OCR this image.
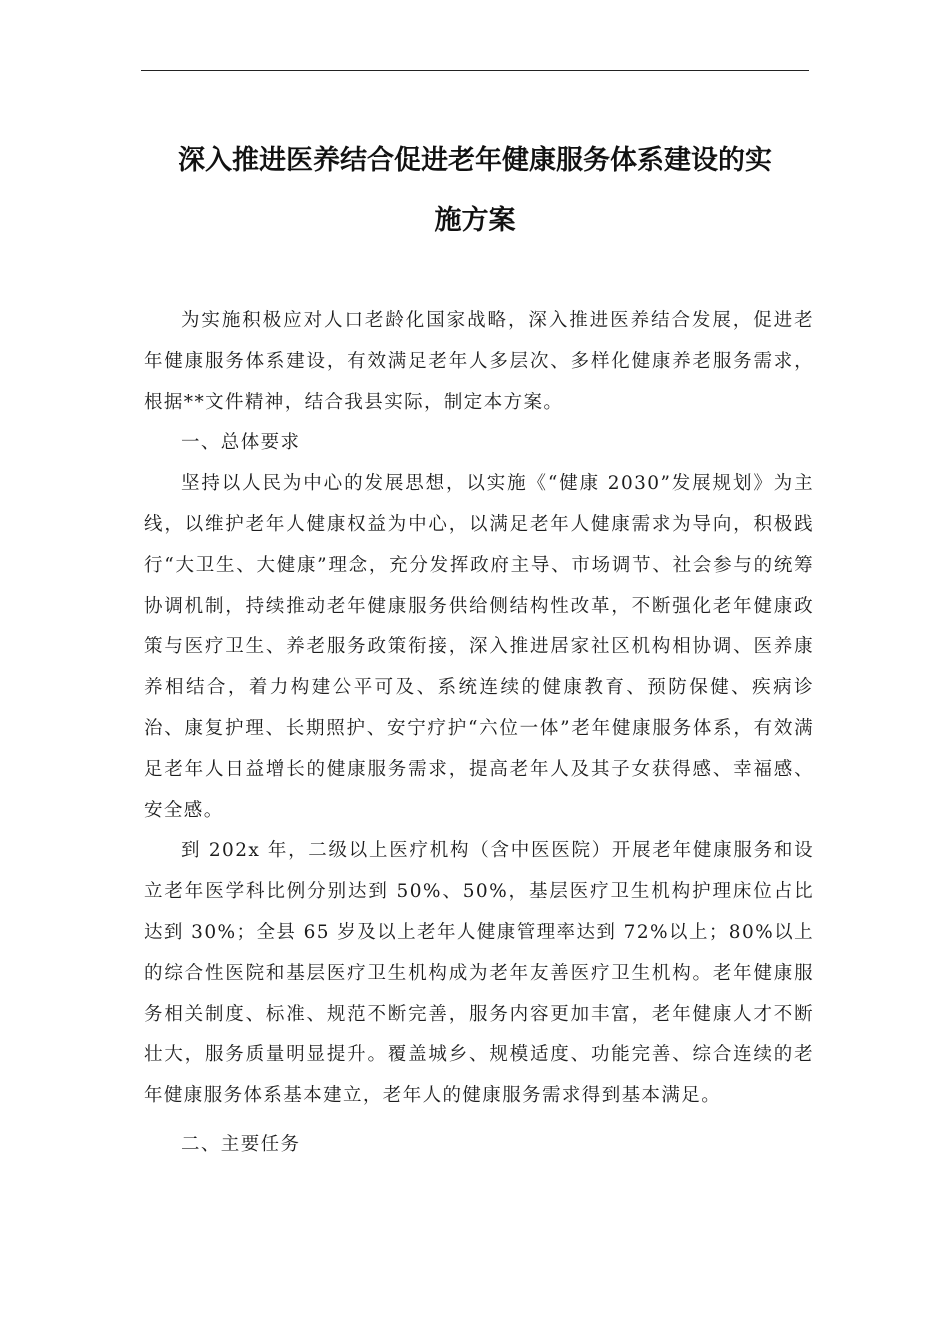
深入推进医养结合促进老年健康服务体系建设的实
施方案

为实施积极应对人口老龄化国家战略，深入推进医养结合发展，促进老年健康服务体系建设，有效满足老年人多层次、多样化健康养老服务需求，根据**文件精神，结合我县实际，制定本方案。

一、总体要求

坚持以人民为中心的发展思想，以实施《“健康 2030”发展规划》为主线，以维护老年人健康权益为中心，以满足老年人健康需求为导向，积极践行“大卫生、大健康”理念，充分发挥政府主导、市场调节、社会参与的统筹协调机制，持续推动老年健康服务供给侧结构性改革，不断强化老年健康政策与医疗卫生、养老服务政策衔接，深入推进居家社区机构相协调、医养康养相结合，着力构建公平可及、系统连续的健康教育、预防保健、疾病诊治、康复护理、长期照护、安宁疗护“六位一体”老年健康服务体系，有效满足老年人日益增长的健康服务需求，提高老年人及其子女获得感、幸福感、安全感。

到 202x 年，二级以上医疗机构（含中医医院）开展老年健康服务和设立老年医学科比例分别达到 50%、50%，基层医疗卫生机构护理床位占比达到 30%；全县 65 岁及以上老年人健康管理率达到 72%以上；80%以上的综合性医院和基层医疗卫生机构成为老年友善医疗卫生机构。老年健康服务相关制度、标准、规范不断完善，服务内容更加丰富，老年健康人才不断壮大，服务质量明显提升。覆盖城乡、规模适度、功能完善、综合连续的老年健康服务体系基本建立，老年人的健康服务需求得到基本满足。

二、主要任务
